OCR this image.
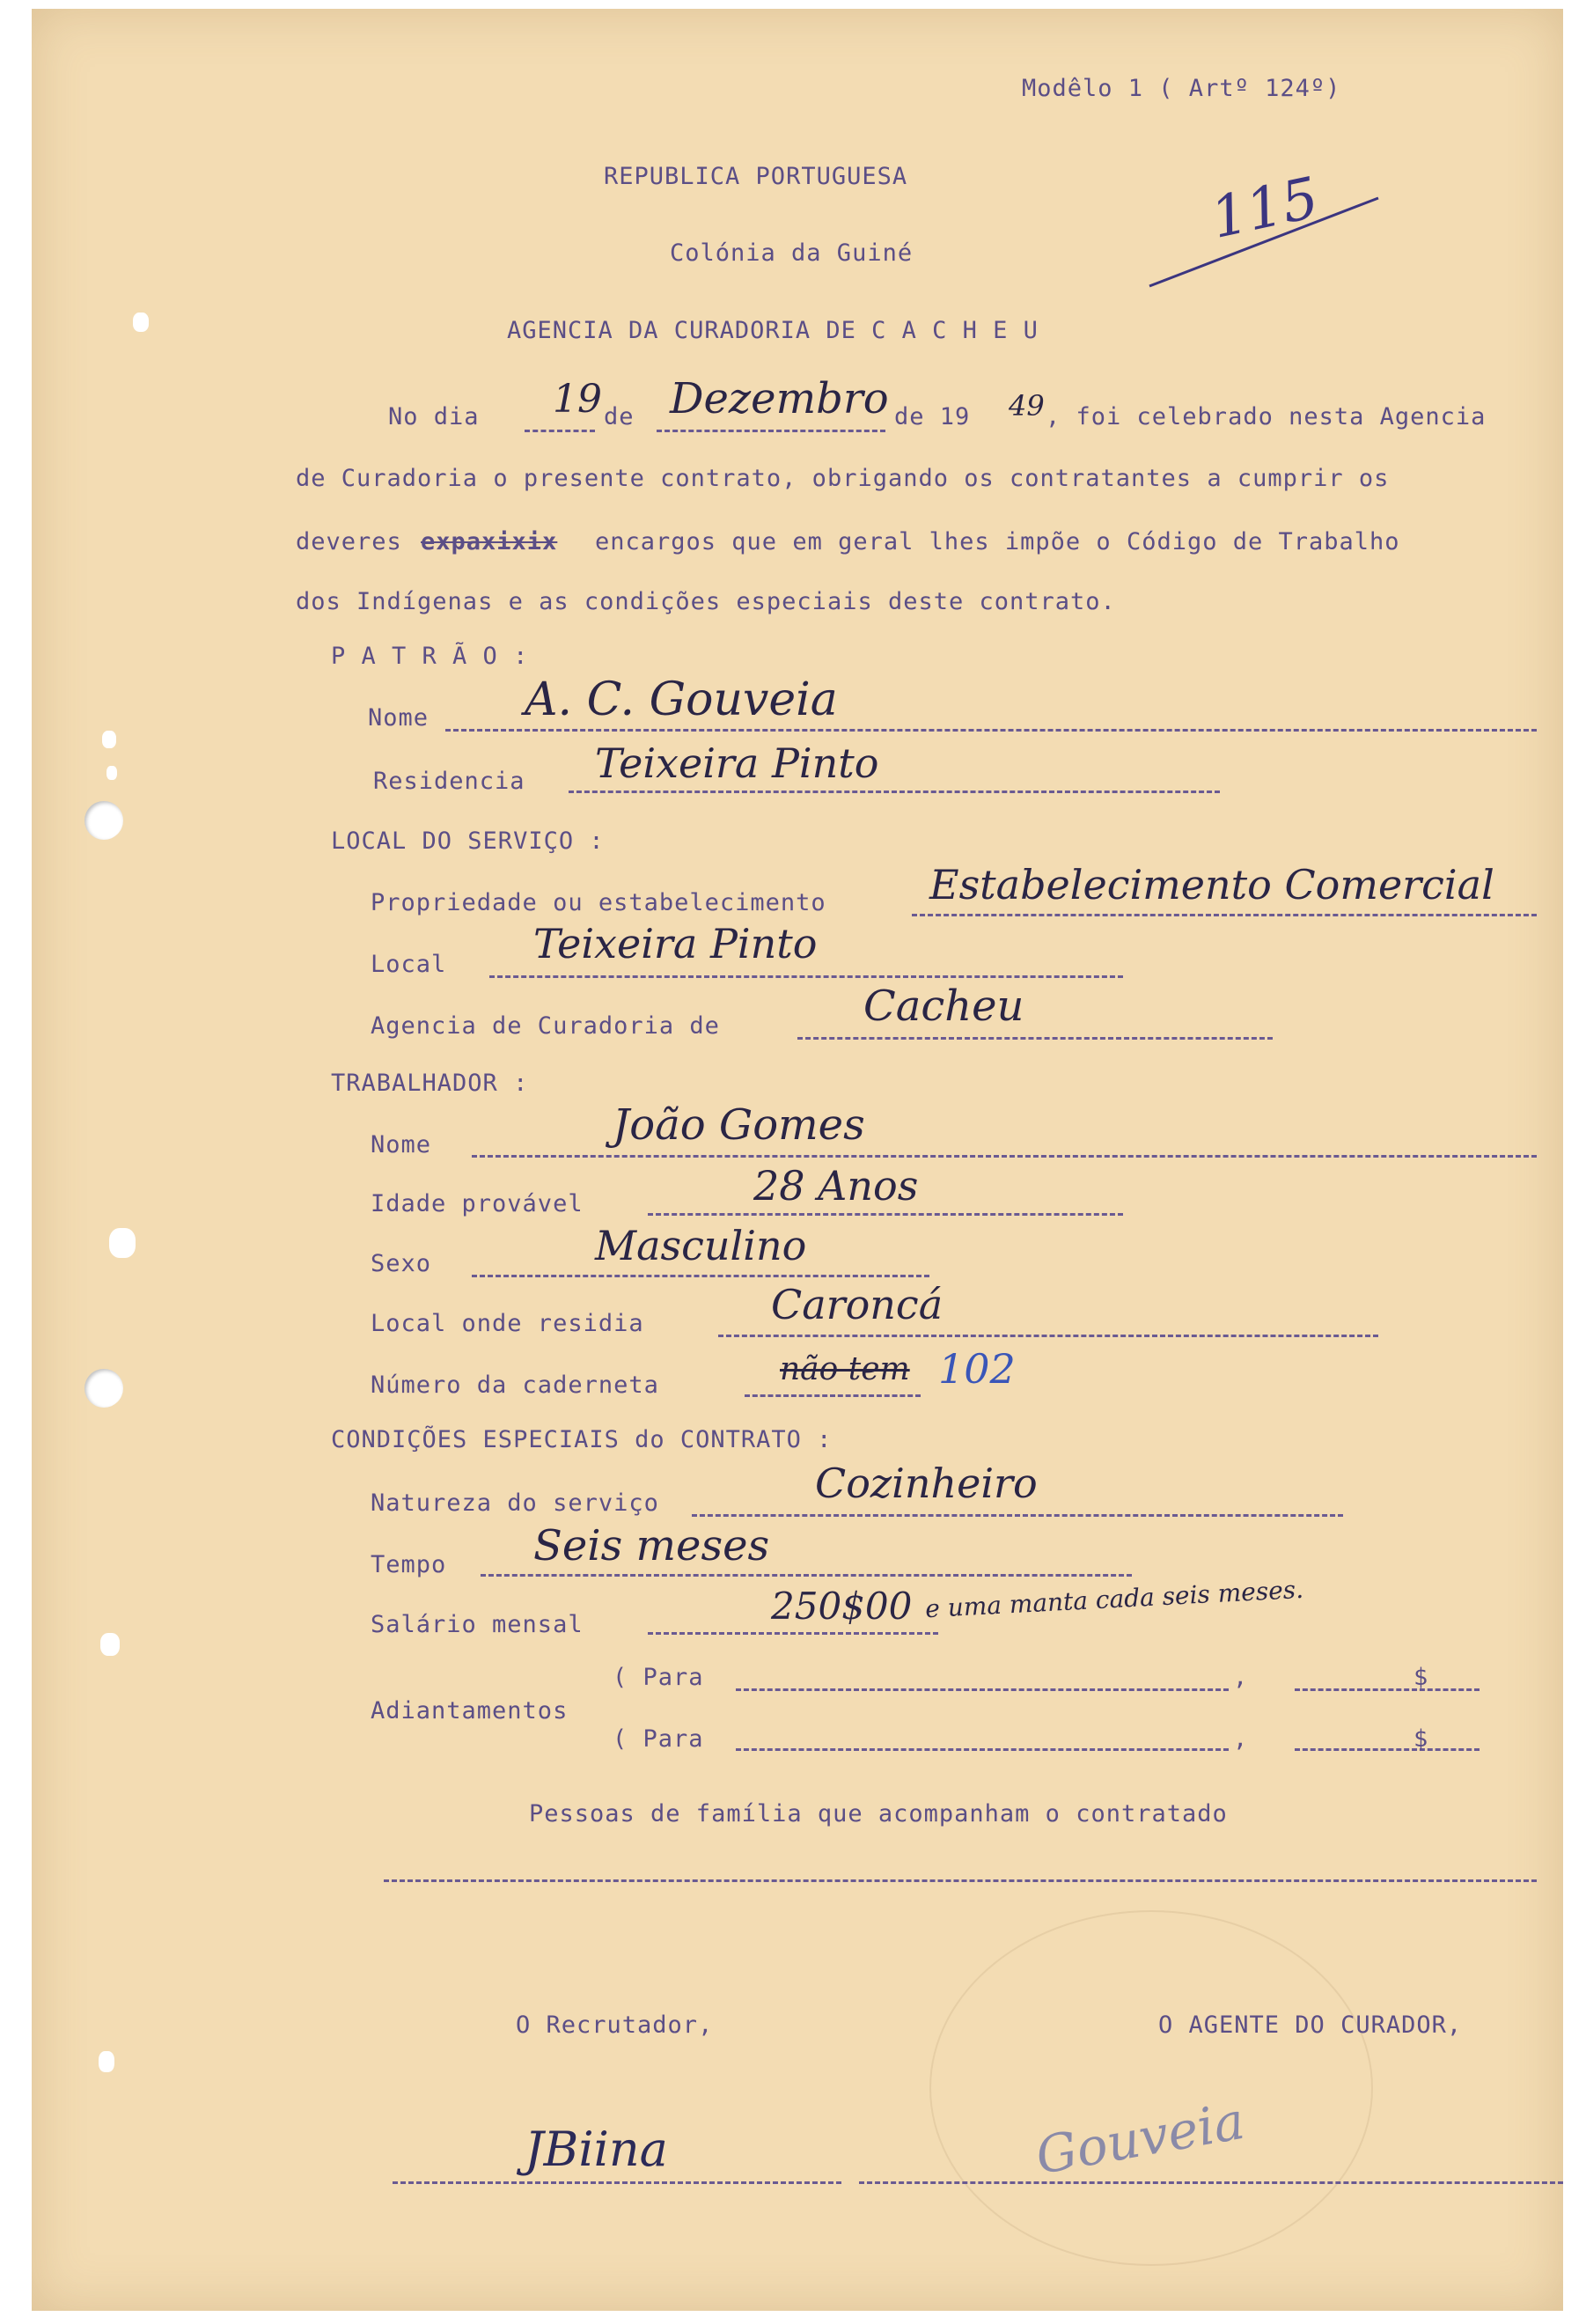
Modêlo 1 ( Artº 124º)
REPUBLICA PORTUGUESA
Colónia da Guiné
AGENCIA DA CURADORIA DE C A C H E U
115
No dia 19 de Dezembro de 19 49 , foi celebrado nesta Agencia
de Curadoria o presente contrato, obrigando os contratantes a cumprir os
deveres expaxixix encargos que em geral lhes impõe o Código de Trabalho
dos Indígenas e as condições especiais deste contrato.
P A T R Ã O :
Nome A. C. Gouveia
Residencia Teixeira Pinto
LOCAL DO SERVIÇO :
Propriedade ou estabelecimento	Estabelecimento Comercial
Local Teixeira Pinto
Agencia de Curadoria de	Cacheu
TRABALHADOR :
Nome	João Gomes
Idade provável	28 Anos
Sexo	Masculino
Local onde residia	Caroncá
Número da caderneta	não tem 102
CONDIÇÕES ESPECIAIS do CONTRATO :
Natureza do serviço	Cozinheiro
Tempo Seis meses
Salário mensal	250$00 e uma manta cada seis meses.
Adiantamentos
( Para	,	$
( Para	,	$
Pessoas de família que acompanham o contratado
O Recrutador,	O AGENTE DO CURADOR,
JBiina	Gouveia
